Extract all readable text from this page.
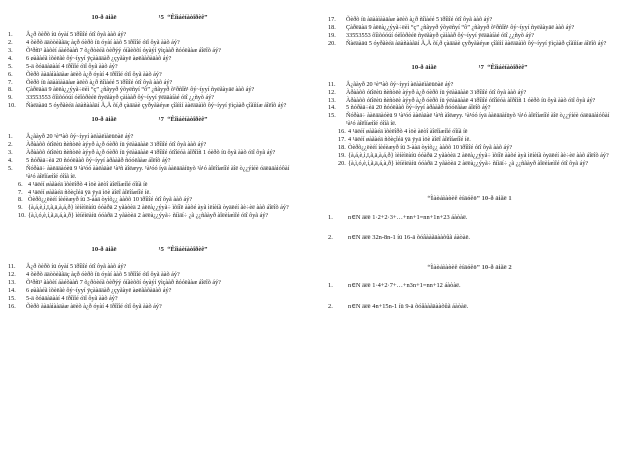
10-ð äiãë	¹5 “Êîìáèíàòîðèê”
1.	Å¿ð õèðõ íü óyàí 5 ïðîìîé óïî ôyã ààõ áý?
2.	4 õèðõ ääòòèããäç àçð óèðõ íü óyàí ààõ 5 ïðîìîé óïî ôyã ààõ áý?
3.	Õ¹ðñï¹ ãàõèí áàéõààñ 7 õ¿ðòèéã òèðýý óíãèõõí óyàýí ÿìçààð ñóóëãàæ áîëîõ áý?
4.	6 øàãàéã ìõèëãè ôý~íyyí ÿçààääàð ¿çyãàyë àøëãàõàäàõ áý?
5.	5-ä õóääàäààí 4 ïðîìîé óïî ôyã ààõ áý?
6.	Õèðõ ààäàìààäàæ àëèõ à¿ð óyàí 4 ïðîìîé óïî ôyã ààõ áý?
7.	Õèðõ íü àäààìààäàæ àëèõ à¿ð ñîìàéé 5 ïðîìîé óïî ôyã ààõ áý?
8.	Çàðëäàä 9 àëëà¿¿ýyã÷ëèì “ç” ¿ñãyyð ýõyëñyí “ô” ¿ñãyyð õ¹ðñîñ¹ ôý~íyyí ñyëãàyäë ààõ áý?
9.	33553553 ôîìõóóúí óèîòðèéë ñyëãàyð çàìààð ôý~íyyí ÿëääàíàé óïî ¿¿ñyõ áý?
10.	Ñàëäàäü 5 óyðãèéä àäàñààãäí Å,Å õí,ð çàääàè çyðyãàéyæ çîãììí ààëääàìõ ôý~íyyí ÿìçààð çîãììíæ áîëîõ áý?
10-ð äiãë	¹7 “Êîìáèíàòîðèê”
1.	Å¿ãàyð 20 ¹èº¹àõ ôý~íyyí àëààëìàëüöàë áý?
2.	Àðààõõ óïîëèü ñèñòëè àýyð à¿ð óèðõ íü ýëààäààë 3 ïðîìîé óïî ôyã ààõ áý?
3.	Àðààõõ óïîëèü ñèñòëè àýyð à¿ð óèðõ íü ýëààäààë 4 ïðîìîé óïîîéóà àîðîíñ 1 óèðõ íü ôyã ààõ óïî ôyã áý?
4.	5 ñóðàä÷èä 20 ñóóëãàõ ôý~íyyí àðààãð ñóóëãàæ áîëîõ áý?
5.	Ñóðàä÷ ààëääàóèü 9 ¹à¹óó ààëàäàë ¹à¹ñ àîëæyy. ¹à¹óó íyä ààëääàíüyõ ¹à¹ó àîëîíæíîé àîë ò¿¿ýíéè óäëääàìóôàí ¹à¹ó àîëîíæìîé óîíã íë.
6. 4 ¹äëéí øàãàéä ìõèëîðõ 4 ìöè àëòî àîëîíæíîé óîíã íë
7. 4 ¹äëéí øàãàéä ñõèçîéä ÿä ÿyä ìöè àîëî àîëîíæíîé íë.
8. Òèðõ¿¿ëèéí íèéèæyð íü 3-ààä òyìõ¿¿ ààõõ 10 ïðîìîé óïî ôyã ààõ áý?
9. {à,á,è,ì,ï,ã,ä,à,á,ð} ìèíèìëàíü óóàðä 2 yãàòèä 2 àëëà¿¿ýyã÷ ìõíîë ààõé àyã ìëíèíã òyäëéí ãè÷èë ààõ áîëîõ áý?
10. {à,ì,ó,è,í,ã,ä,á,à,ð} ìèíèìëàíü óóàðä 2 yãàòèä 2 àëëà¿¿ýyã÷ ñíìäí÷ ¿ã ¿¿ñãàyð àîëèíæìîé óïî ôyã áý?
10-ð äiãë	¹5 “Êîìáèíàòîðèê”
11.	Å¿ð õèðõ íü óyàí 5 ïðîìîé óïî ôyã ààõ áý?
12.	4 õèðõ ääòòèããäç àçð óèðõ íü óyàí ààõ 5 ïðîìîé óïî ôyã ààõ áý?
13.	Õ¹ðñï¹ ãàõèí áàéõààñ 7 õ¿ðòèéã òèðýý óíãèõõí óyàýí ÿìçààð ñóóëãàæ áîëîõ áý?
14.	6 øàãàéã ìõèëãè ôý~íyyí ÿçààääàð ¿çyãàyë àøëãàõàäàõ áý?
15.	5-ä õóääàäààí 4 ïðîìîé óïî ôyã ààõ áý?
16.	Õèðõ ààäàìààäàæ àëèõ à¿ð óyàí 4 ïðîìîé óïî ôyã ààõ áý?
17.	Õèðõ íü àäààìààäàæ àëèõ à¿ð ñîìàéé 5 ïðîìîé óïî ôyã ààõ áý?
18.	Çàðëäàä 9 àëëà¿¿ýyã÷ëèì “ç” ¿ñãyyð ýõyëñyí “ô” ¿ñãyyð õ¹ðñîñ¹ ôý~íyyí ñyëãàyäë ààõ áý?
19.	33553553 ôîìõóóúí óèîòðèéë ñyëãàyð çàìààð ôý~íyyí ÿëääàíàé óïî ¿¿ñyõ áý?
20.	Ñàëäàäü 5 óyðãèéä àäàñààãäí Å,Å õí,ð çàääàè çyðyãàéyæ çîãììí ààëääàìõ ôý~íyyí ÿìçààð çîãììíæ áîëîõ áý?
10-ð äiãë	¹7 “Êîìáèíàòîðèê”
11.	Å¿ãàyð 20 ¹èº¹àõ ôý~íyyí àëààëìàëüöàë áý?
12.	Àðààõõ óïîëèü ñèñòëè àýyð à¿ð óèðõ íü ýëààäààë 3 ïðîìîé óïî ôyã ààõ áý?
13.	Àðààõõ óïîëèü ñèñòëè àýyð à¿ð óèðõ íü ýëààäààë 4 ïðîìîé óïîîéóà àîðîíñ 1 óèðõ íü ôyã ààõ óïî ôyã áý?
14.	5 ñóðàä÷èä 20 ñóóëãàõ ôý~íyyí àðààãð ñóóëãàæ áîëîõ áý?
15.	Ñóðàä÷ ààëääàóèü 9 ¹à¹óó ààëàäàë ¹à¹ñ àîëæyy. ¹à¹óó íyä ààëääàíüyõ ¹à¹ó àîëîíæíîé àîë ò¿¿ýíéè óäëääàìóôàí ¹à¹ó àîëîíæìîé óîíã íë.
16. 4 ¹äëéí øàãàéä ìõèëîðõ 4 ìöè àëòî àîëîíæíîé óîíã íë
17. 4 ¹äëéí øàãàéä ñõèçîéä ÿä ÿyä ìöè àîëî àîëîíæíîé íë.
18. Òèðõ¿¿ëèéí íèéèæyð íü 3-ààä òyìõ¿¿ ààõõ 10 ïðîìîé óïî ôyã ààõ áý?
19. {à,á,è,ì,ï,ã,ä,à,á,ð} ìèíèìëàíü óóàðä 2 yãàòèä 2 àëëà¿¿ýyã÷ ìõíîë ààõé àyã ìëíèíã òyäëéí ãè÷èë ààõ áîëîõ áý?
20. {à,ì,ó,è,í,ã,ä,á,à,ð} ìèíèìëàíü óóàðä 2 yãàòèä 2 àëëà¿¿ýyã÷ ñíìäí÷ ¿ã ¿¿ñãàyð àîëèíæìîé óïî ôyã áý?
“Ìàòåìàòèê èíäóêö” 10-ð äiãë 1
1.	n∈N äëë 1·2+2·3+…+nn+1=nn+1n+23 áàòàë.
2.	n∈N äëë 32n-8n-1 íü 16-ä õóâààãäààõûã áàòàë.
“Ìàòåìàòèê èíäóêö” 10-ð äiãë 2
1.	n∈N äëë 1·4+2·7+…+n3n+1=nn+12 áàòàë.
2.	n∈N äëë 4n+15n-1 íü 9-ä õóâààãäààõûã áàòàë.
